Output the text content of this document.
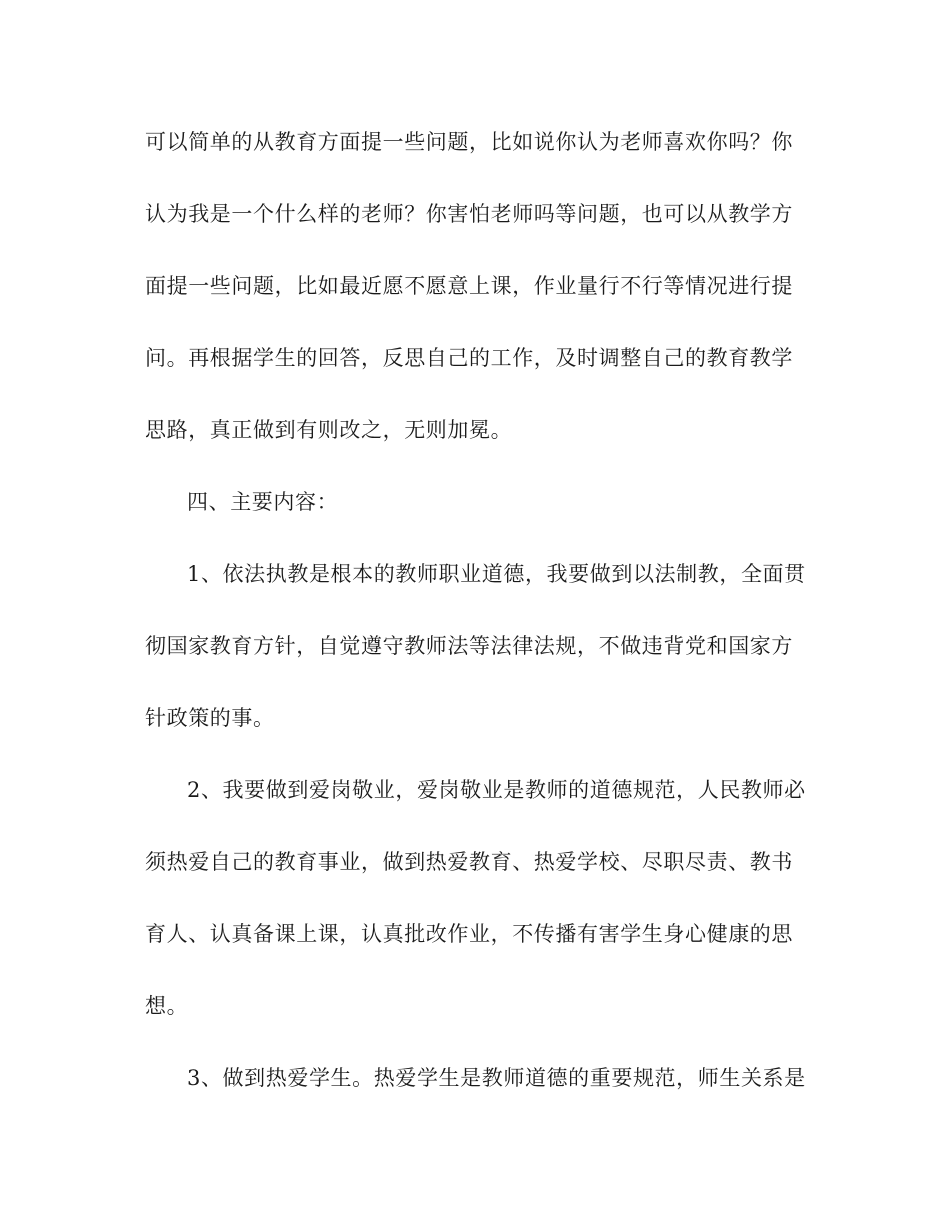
可以简单的从教育方面提一些问题，比如说你认为老师喜欢你吗？你

认为我是一个什么样的老师？你害怕老师吗等问题，也可以从教学方

面提一些问题，比如最近愿不愿意上课，作业量行不行等情况进行提

问。再根据学生的回答，反思自己的工作，及时调整自己的教育教学

思路，真正做到有则改之，无则加冕。

四、主要内容：

1、依法执教是根本的教师职业道德，我要做到以法制教，全面贯

彻国家教育方针，自觉遵守教师法等法律法规，不做违背党和国家方

针政策的事。

2、我要做到爱岗敬业，爱岗敬业是教师的道德规范，人民教师必

须热爱自己的教育事业，做到热爱教育、热爱学校、尽职尽责、教书

育人、认真备课上课，认真批改作业，不传播有害学生身心健康的思

想。

3、做到热爱学生。热爱学生是教师道德的重要规范，师生关系是
